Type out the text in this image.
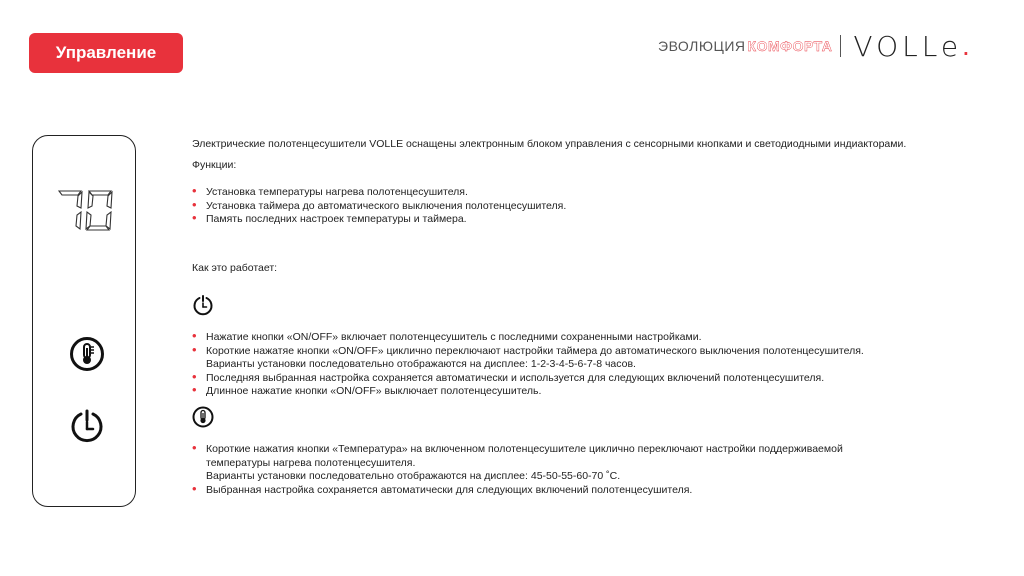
Управление	ЭВОЛЮЦИЯ КОМФОРТА VOLLe .

Электрические полотенцесушители VOLLE оснащены электронным блоком управления с сенсорными кнопками и светодиодными индиакторами.

Функции:

• Установка температуры нагрева полотенцесушителя.
• Установка таймера до автоматического выключения полотенцесушителя.
• Память последних настроек температуры и таймера.

Как это работает:

• Нажатие кнопки «ON/OFF» включает полотенцесушитель с последними сохраненными настройками.
• Короткие нажатяе кнопки «ON/OFF» циклично переключают настройки таймера до автоматического выключения полотенцесушителя.
Варианты установки последовательно отображаются на дисплее: 1-2-3-4-5-6-7-8 часов.
• Последняя выбранная настройка сохраняется автоматически и используется для следующих включений полотенцесушителя.
• Длинное нажатие кнопки «ON/OFF» выключает полотенцесушитель.
• Короткие нажатия кнопки «Температура» на включенном полотенцесушителе циклично переключают настройки поддерживаемой
температуры нагрева полотенцесушителя.
Варианты установки последовательно отображаются на дисплее: 45-50-55-60-70 ˚С.
• Выбранная настройка сохраняется автоматически для следующих включений полотенцесушителя.
